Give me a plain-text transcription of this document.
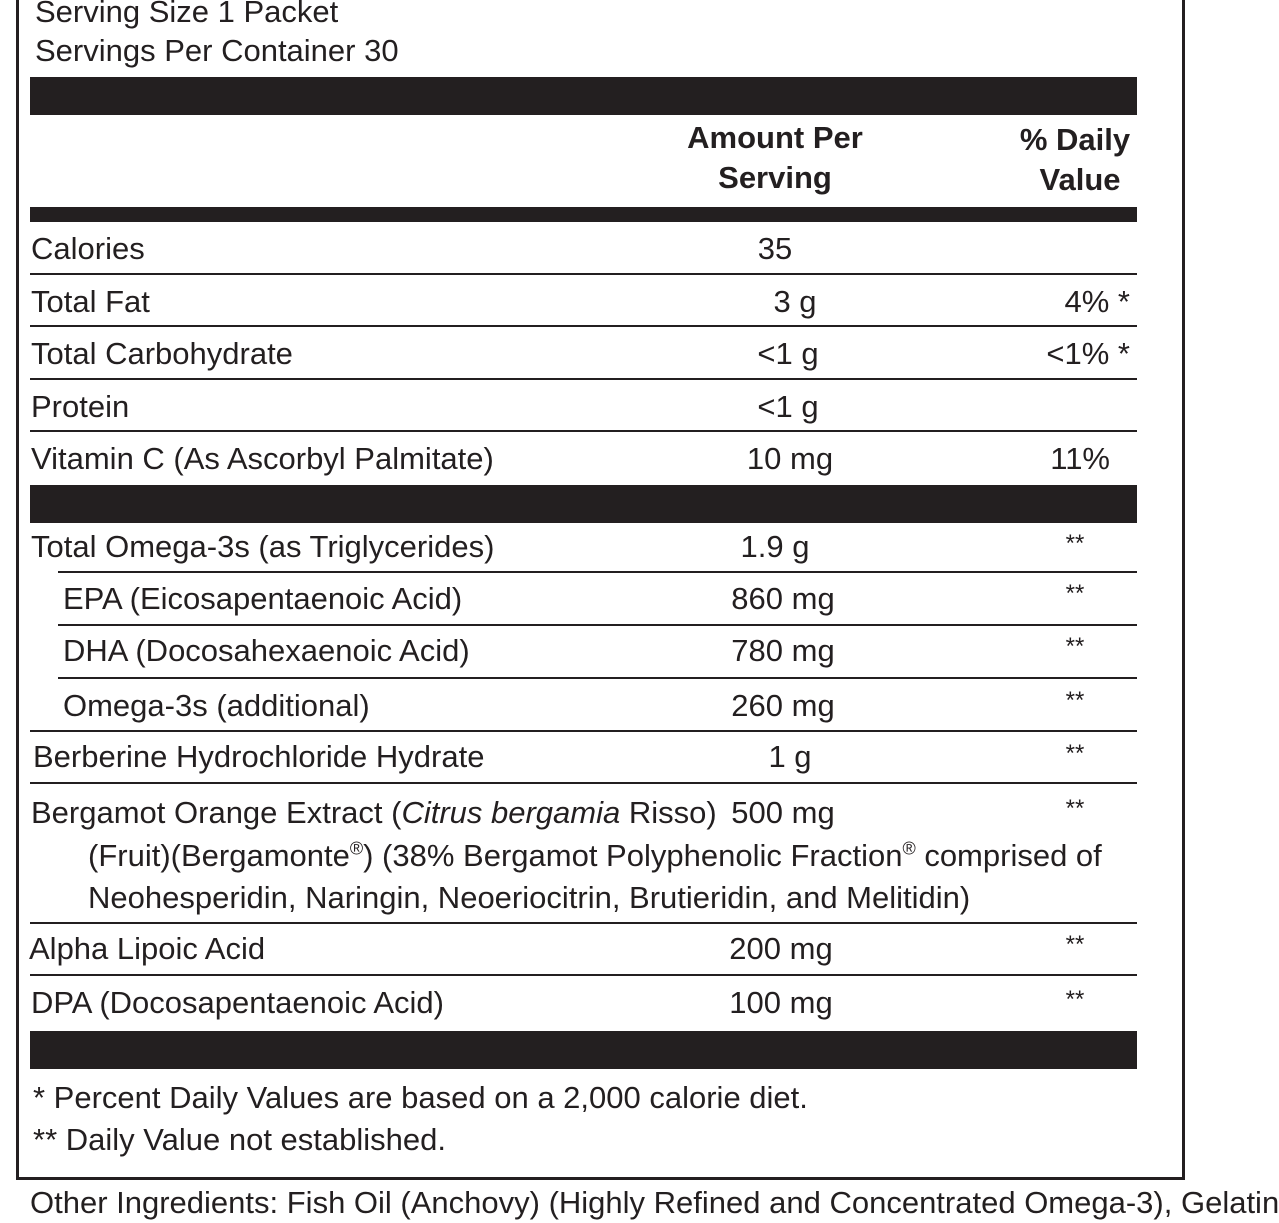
Serving Size 1 Packet
Servings Per Container 30
Amount Per
Serving
% Daily
Value
Calories	35
Total Fat	3 g	4% *
Total Carbohydrate	<1 g	<1% *
Protein	<1 g
Vitamin C (As Ascorbyl Palmitate)	10 mg	11%
Total Omega-3s (as Triglycerides)	1.9 g	**
EPA (Eicosapentaenoic Acid)	860 mg	**
DHA (Docosahexaenoic Acid)	780 mg	**
Omega-3s (additional)	260 mg	**
Berberine Hydrochloride Hydrate	1 g	**
Bergamot Orange Extract (Citrus bergamia Risso) 500 mg	**
(Fruit)(Bergamonte®) (38% Bergamot Polyphenolic Fraction® comprised of
Neohesperidin, Naringin, Neoeriocitrin, Brutieridin, and Melitidin)
Alpha Lipoic Acid	200 mg	**
DPA (Docosapentaenoic Acid)	100 mg	**
* Percent Daily Values are based on a 2,000 calorie diet.
** Daily Value not established.
Other Ingredients: Fish Oil (Anchovy) (Highly Refined and Concentrated Omega-3), Gelatin
